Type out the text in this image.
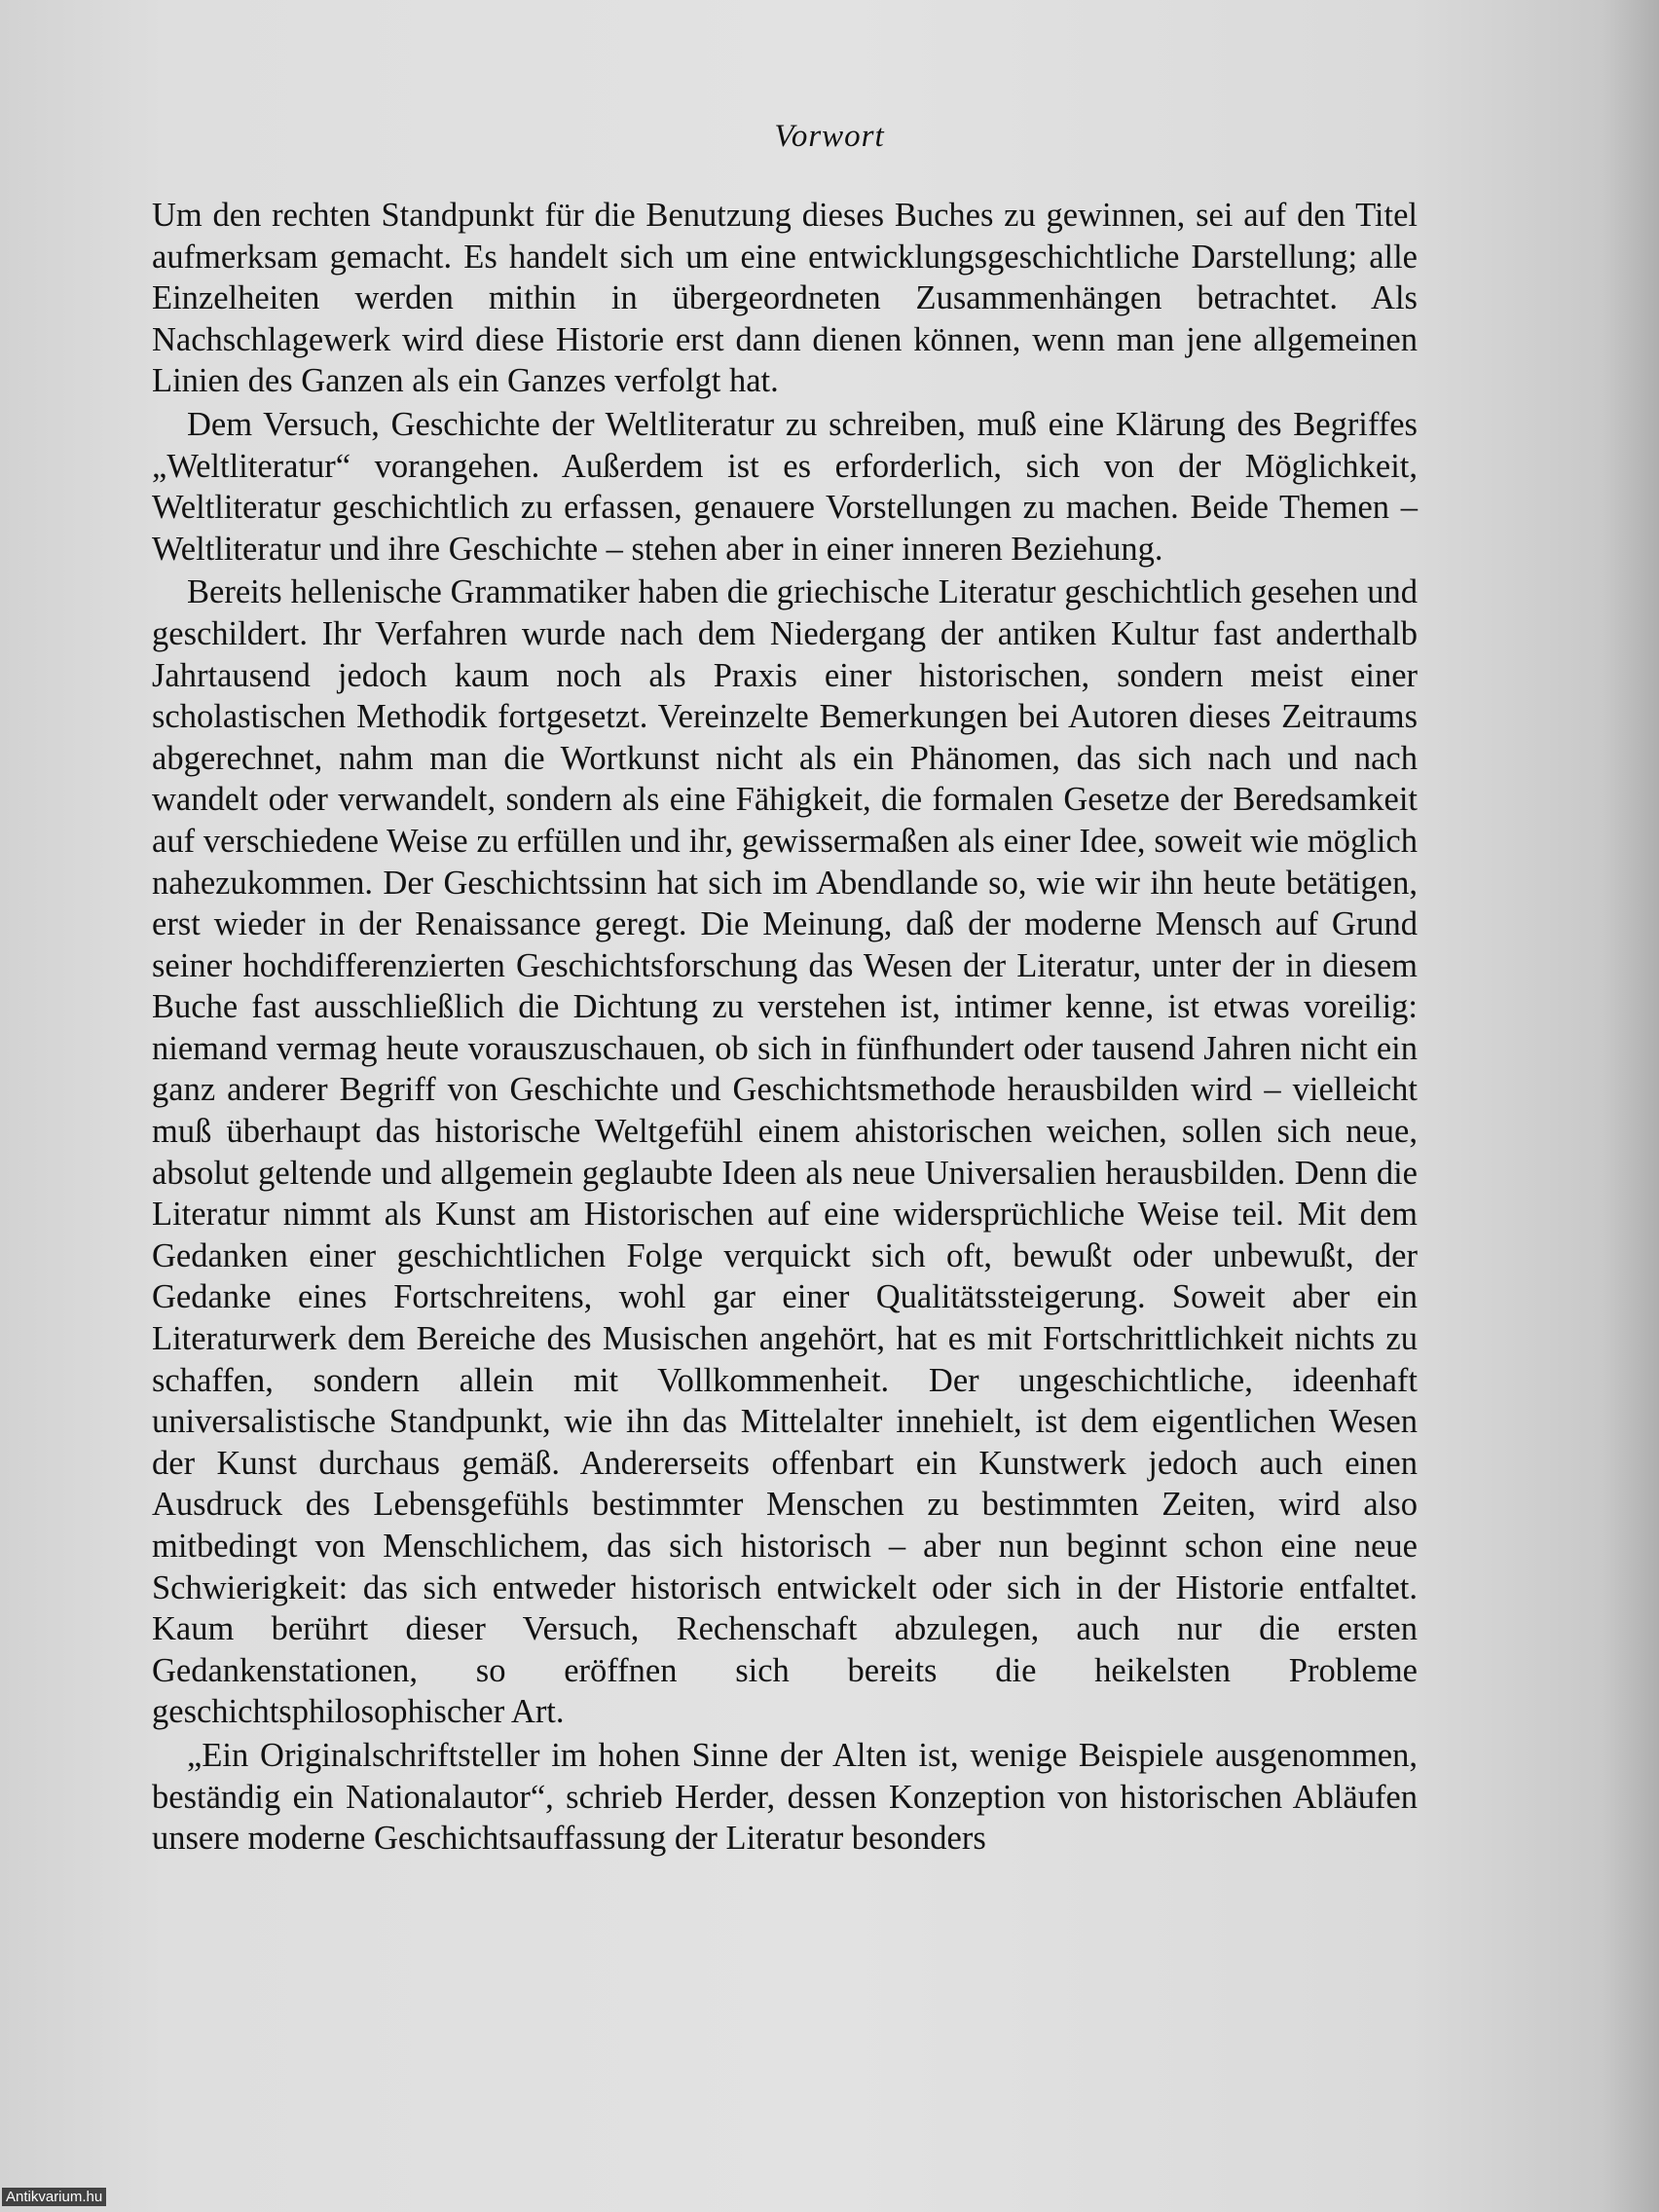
Vorwort

Um den rechten Standpunkt für die Benutzung dieses Buches zu gewinnen, sei auf den Titel aufmerksam gemacht. Es handelt sich um eine entwicklungsgeschichtliche Darstellung; alle Einzelheiten werden mithin in übergeordneten Zusammenhängen betrachtet. Als Nachschlagewerk wird diese Historie erst dann dienen können, wenn man jene allgemeinen Linien des Ganzen als ein Ganzes verfolgt hat.

Dem Versuch, Geschichte der Weltliteratur zu schreiben, muß eine Klärung des Begriffes „Weltliteratur“ vorangehen. Außerdem ist es erforderlich, sich von der Möglichkeit, Weltliteratur geschichtlich zu erfassen, genauere Vorstellungen zu machen. Beide Themen – Weltliteratur und ihre Geschichte – stehen aber in einer inneren Beziehung.

Bereits hellenische Grammatiker haben die griechische Literatur geschichtlich gesehen und geschildert. Ihr Verfahren wurde nach dem Niedergang der antiken Kultur fast anderthalb Jahrtausend jedoch kaum noch als Praxis einer historischen, sondern meist einer scholastischen Methodik fortgesetzt. Vereinzelte Bemerkungen bei Autoren dieses Zeitraums abgerechnet, nahm man die Wortkunst nicht als ein Phänomen, das sich nach und nach wandelt oder verwandelt, sondern als eine Fähigkeit, die formalen Gesetze der Beredsamkeit auf verschiedene Weise zu erfüllen und ihr, gewissermaßen als einer Idee, soweit wie möglich nahezukommen. Der Geschichtssinn hat sich im Abendlande so, wie wir ihn heute betätigen, erst wieder in der Renaissance geregt. Die Meinung, daß der moderne Mensch auf Grund seiner hochdifferenzierten Geschichtsforschung das Wesen der Literatur, unter der in diesem Buche fast ausschließlich die Dichtung zu verstehen ist, intimer kenne, ist etwas voreilig: niemand vermag heute vorauszuschauen, ob sich in fünfhundert oder tausend Jahren nicht ein ganz anderer Begriff von Geschichte und Geschichtsmethode herausbilden wird – vielleicht muß überhaupt das historische Weltgefühl einem ahistorischen weichen, sollen sich neue, absolut geltende und allgemein geglaubte Ideen als neue Universalien herausbilden. Denn die Literatur nimmt als Kunst am Historischen auf eine widersprüchliche Weise teil. Mit dem Gedanken einer geschichtlichen Folge verquickt sich oft, bewußt oder unbewußt, der Gedanke eines Fortschreitens, wohl gar einer Qualitätssteigerung. Soweit aber ein Literaturwerk dem Bereiche des Musischen angehört, hat es mit Fortschrittlichkeit nichts zu schaffen, sondern allein mit Vollkommenheit. Der ungeschichtliche, ideenhaft universalistische Standpunkt, wie ihn das Mittelalter innehielt, ist dem eigentlichen Wesen der Kunst durchaus gemäß. Andererseits offenbart ein Kunstwerk jedoch auch einen Ausdruck des Lebensgefühls bestimmter Menschen zu bestimmten Zeiten, wird also mitbedingt von Menschlichem, das sich historisch – aber nun beginnt schon eine neue Schwierigkeit: das sich entweder historisch entwickelt oder sich in der Historie entfaltet. Kaum berührt dieser Versuch, Rechenschaft abzulegen, auch nur die ersten Gedankenstationen, so eröffnen sich bereits die heikelsten Probleme geschichtsphilosophischer Art.

„Ein Originalschriftsteller im hohen Sinne der Alten ist, wenige Beispiele ausgenommen, beständig ein Nationalautor“, schrieb Herder, dessen Konzeption von historischen Abläufen unsere moderne Geschichtsauffassung der Literatur besonders

Antikvarium.hu
